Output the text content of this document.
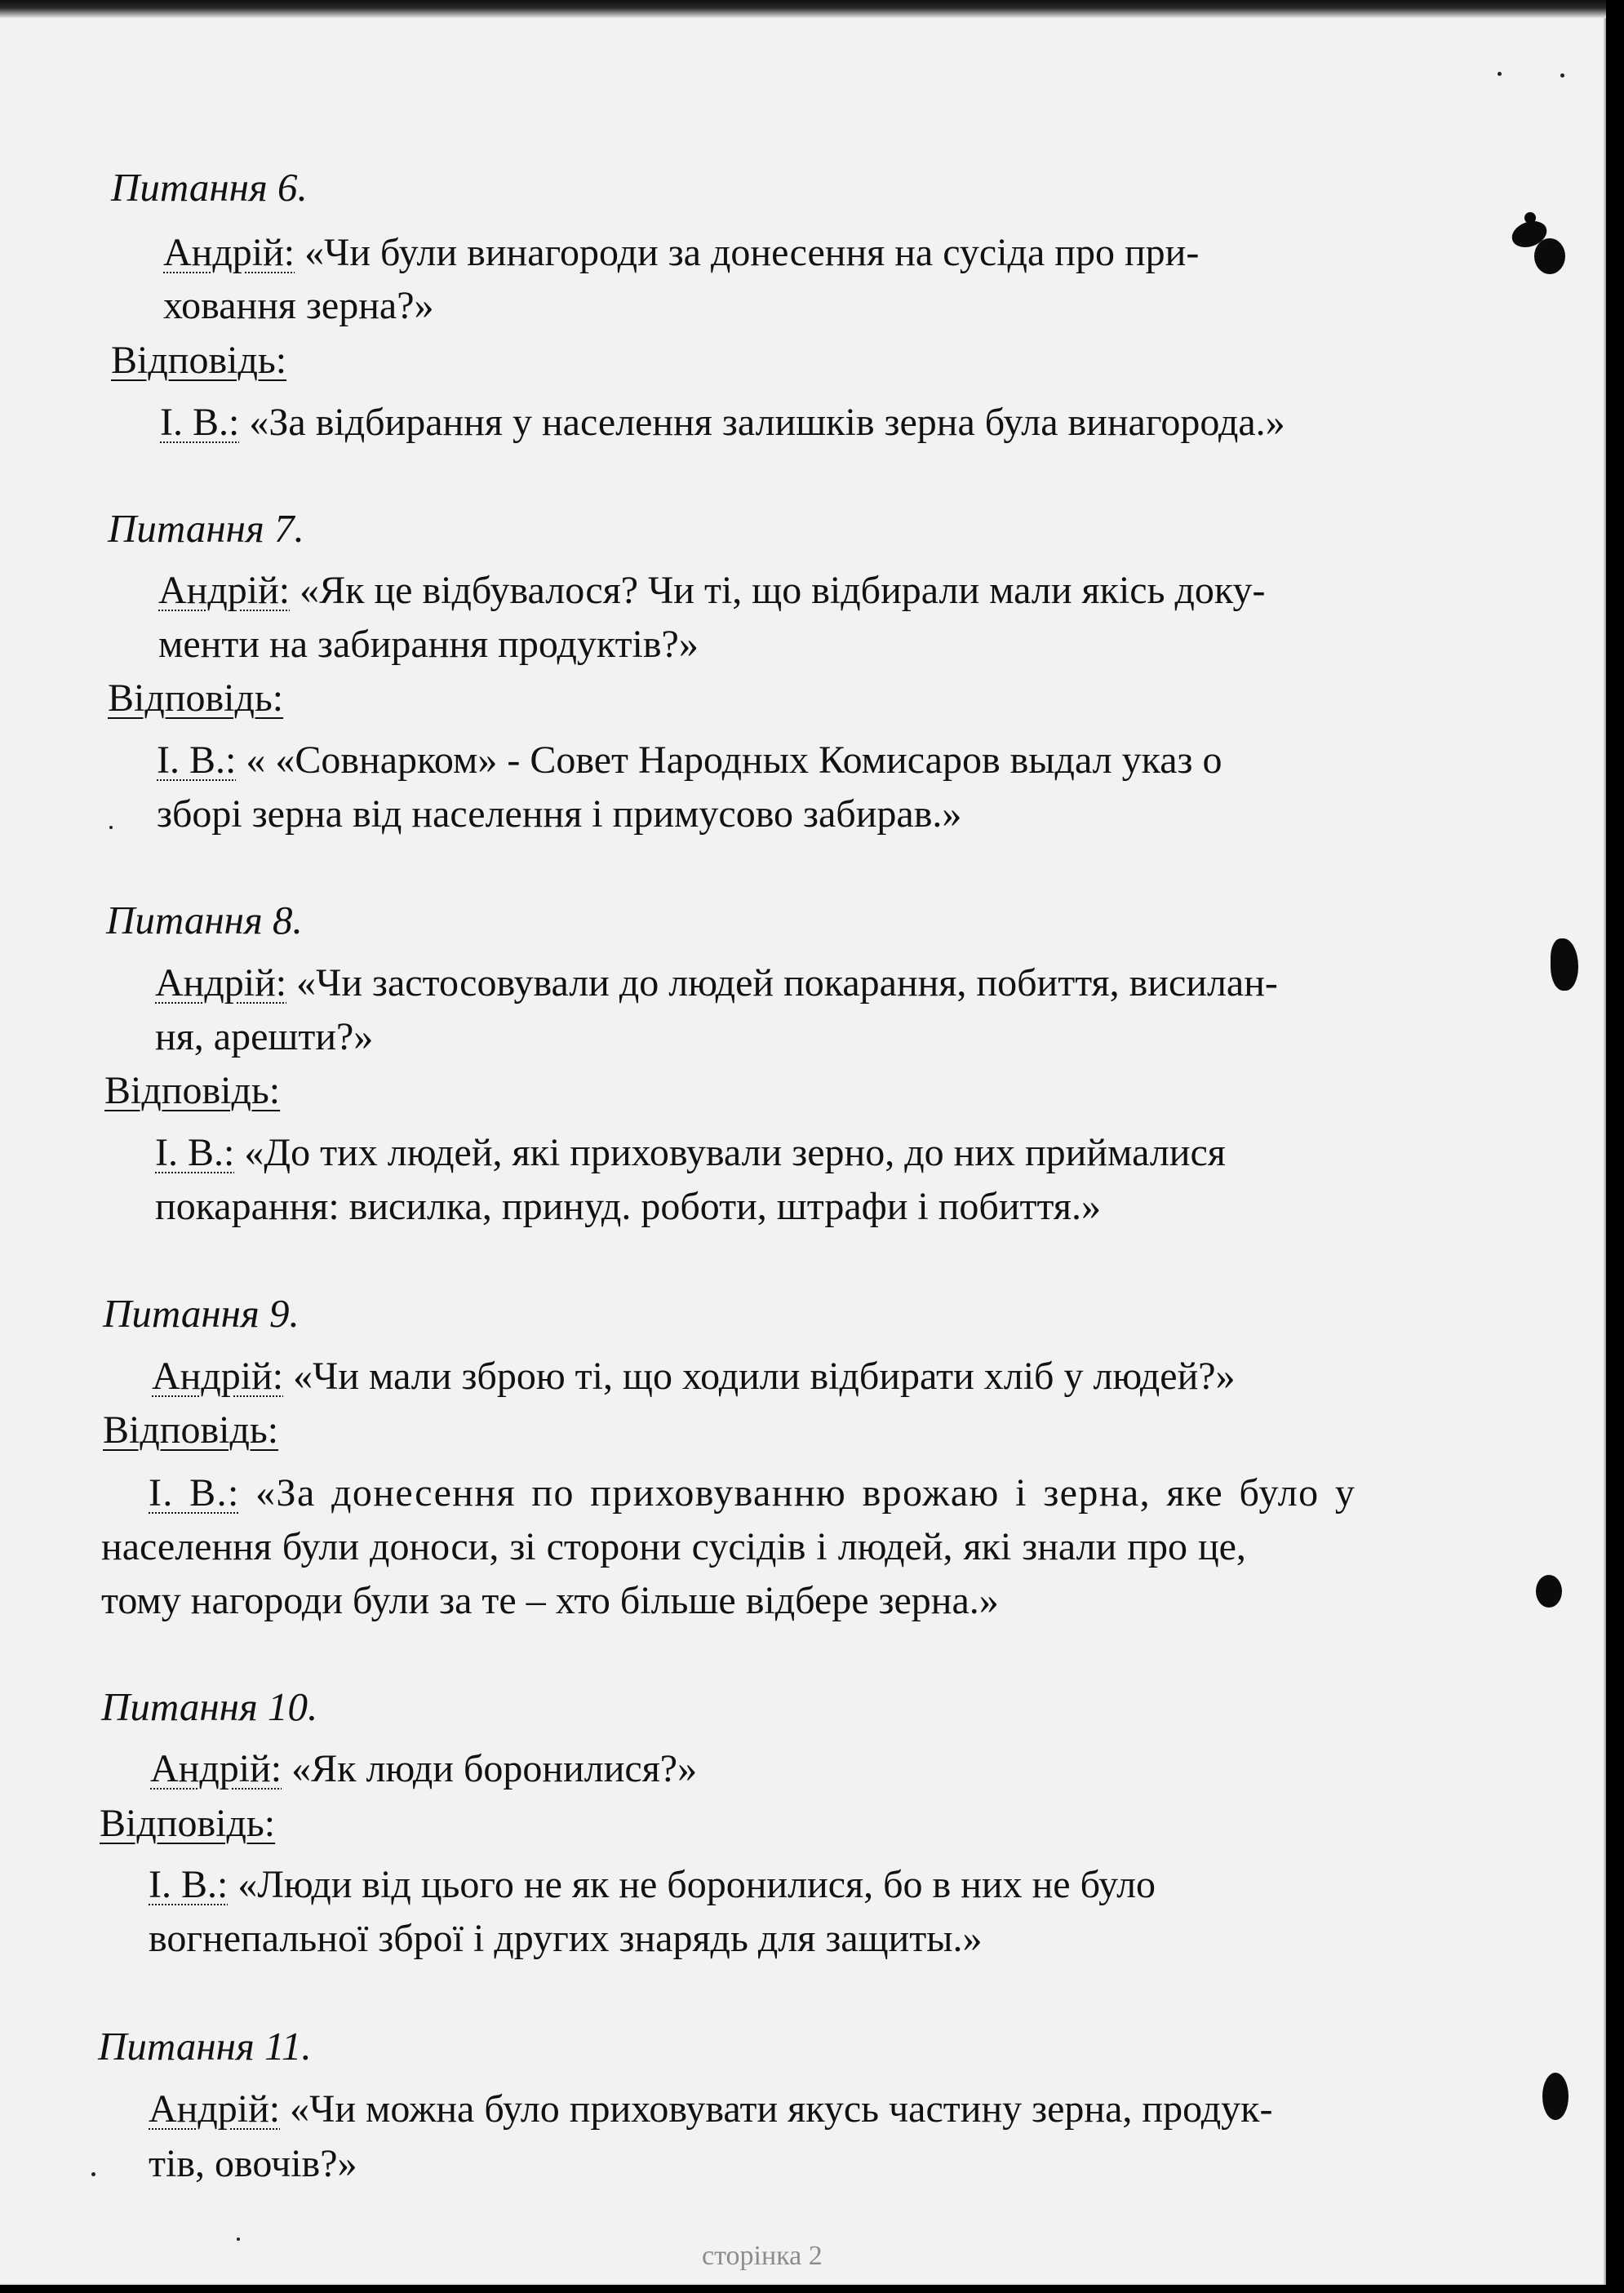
Питання 6.
Андрій: «Чи були винагороди за донесення на сусіда про при-
ховання зерна?»
Відповідь:
І. В.: «За відбирання у населення залишків зерна була винагорода.»
Питання 7.
Андрій: «Як це відбувалося? Чи ті, що відбирали мали якісь доку-
менти на забирання продуктів?»
Відповідь:
І. В.: « «Совнарком» - Совет Народных Комисаров выдал указ о
зборі зерна від населення і примусово забирав.»
Питання 8.
Андрій: «Чи застосовували до людей покарання, побиття, висилан-
ня, арешти?»
Відповідь:
І. В.: «До тих людей, які приховували зерно, до них приймалися
покарання: висилка, принуд. роботи, штрафи і побиття.»
Питання 9.
Андрій: «Чи мали зброю ті, що ходили відбирати хліб у людей?»
Відповідь:
І. В.: «За донесення по приховуванню врожаю і зерна, яке було у
населення були доноси, зі сторони сусідів і людей, які знали про це,
тому нагороди були за те – хто більше відбере зерна.»
Питання 10.
Андрій: «Як люди боронилися?»
Відповідь:
І. В.: «Люди від цього не як не боронилися, бо в них не було
вогнепальної зброї і других знарядь для защиты.»
Питання 11.
Андрій: «Чи можна було приховувати якусь частину зерна, продук-
тів, овочів?»
сторінка 2
